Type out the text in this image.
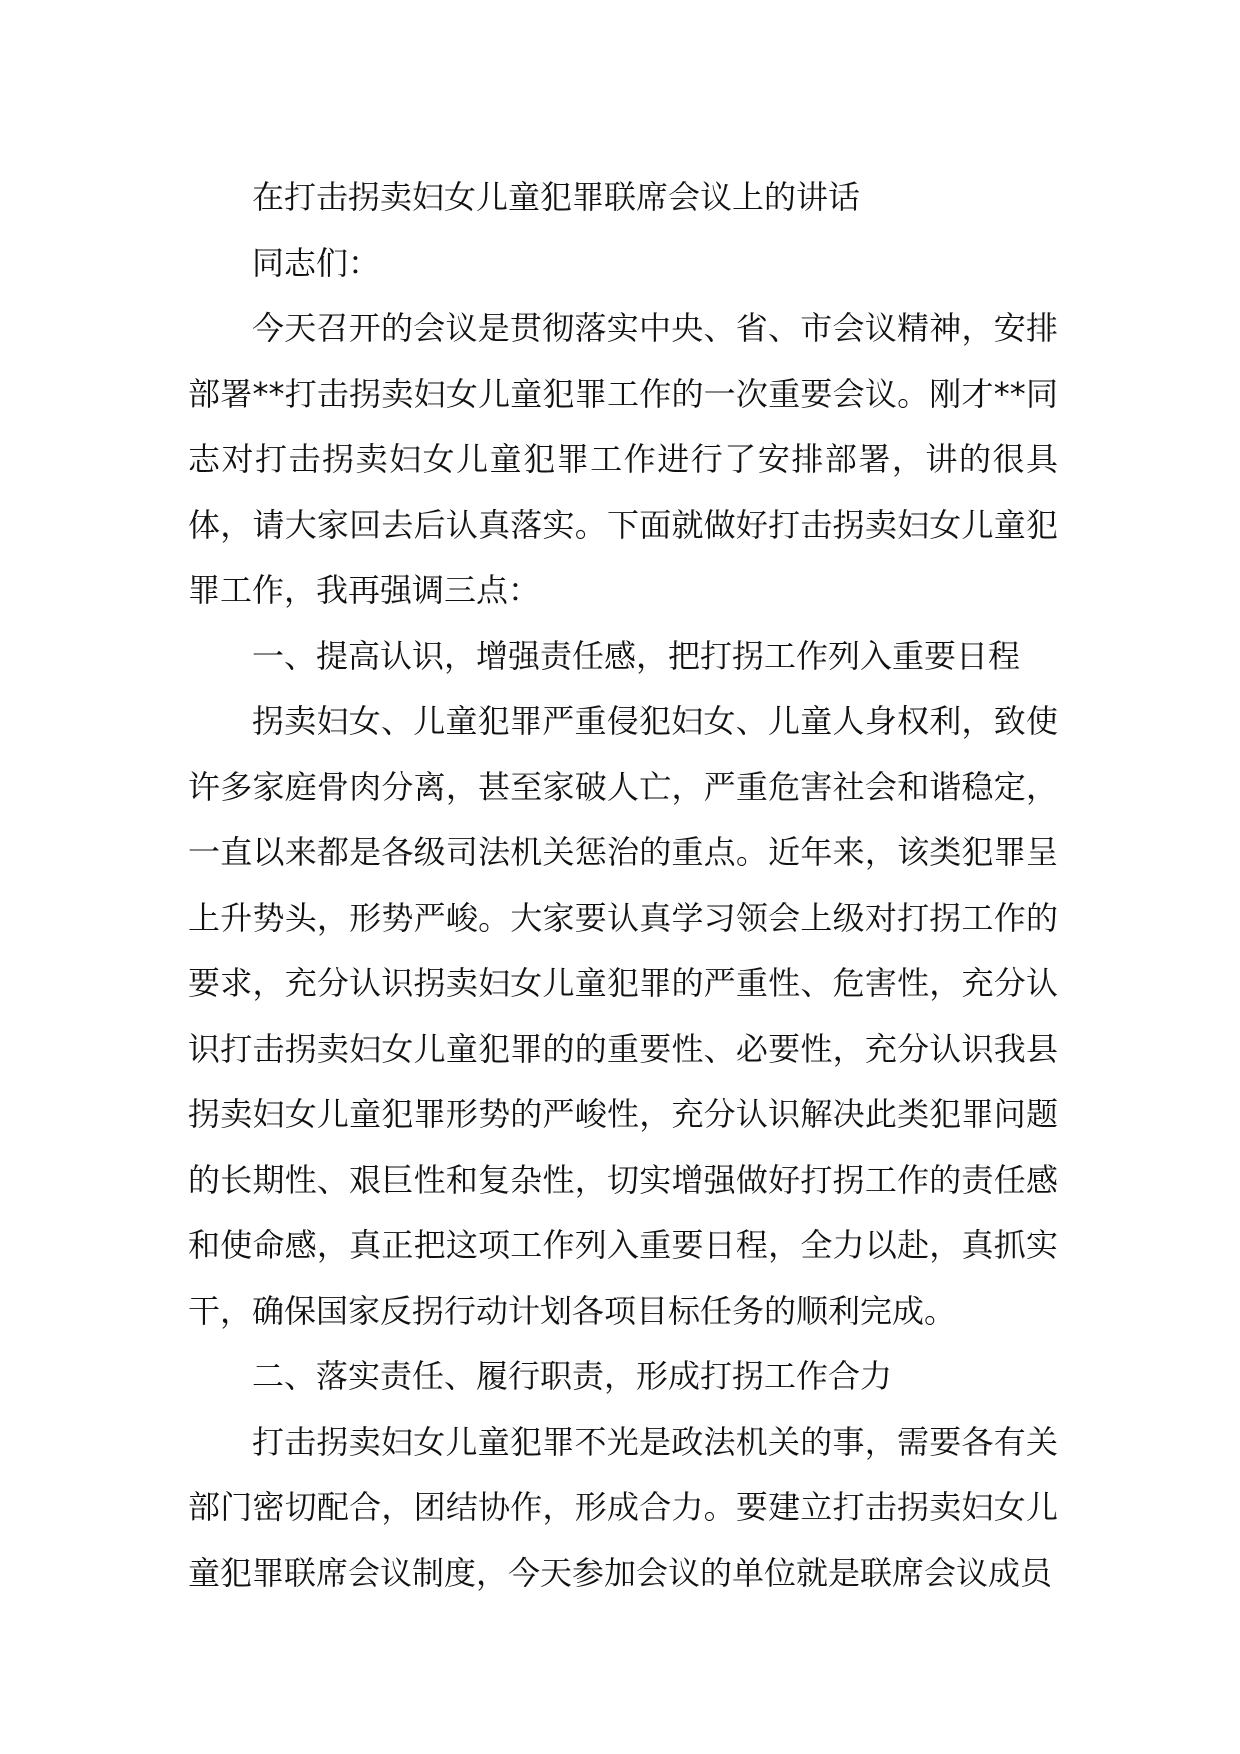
在打击拐卖妇女儿童犯罪联席会议上的讲话

同志们：

今天召开的会议是贯彻落实中央、省、市会议精神，安排部署**打击拐卖妇女儿童犯罪工作的一次重要会议。刚才**同志对打击拐卖妇女儿童犯罪工作进行了安排部署，讲的很具体，请大家回去后认真落实。下面就做好打击拐卖妇女儿童犯罪工作，我再强调三点：

一、提高认识，增强责任感，把打拐工作列入重要日程

拐卖妇女、儿童犯罪严重侵犯妇女、儿童人身权利，致使许多家庭骨肉分离，甚至家破人亡，严重危害社会和谐稳定，一直以来都是各级司法机关惩治的重点。近年来，该类犯罪呈上升势头，形势严峻。大家要认真学习领会上级对打拐工作的要求，充分认识拐卖妇女儿童犯罪的严重性、危害性，充分认识打击拐卖妇女儿童犯罪的的重要性、必要性，充分认识我县拐卖妇女儿童犯罪形势的严峻性，充分认识解决此类犯罪问题的长期性、艰巨性和复杂性，切实增强做好打拐工作的责任感和使命感，真正把这项工作列入重要日程，全力以赴，真抓实干，确保国家反拐行动计划各项目标任务的顺利完成。

二、落实责任、履行职责，形成打拐工作合力

打击拐卖妇女儿童犯罪不光是政法机关的事，需要各有关部门密切配合，团结协作，形成合力。要建立打击拐卖妇女儿童犯罪联席会议制度，今天参加会议的单位就是联席会议成员
